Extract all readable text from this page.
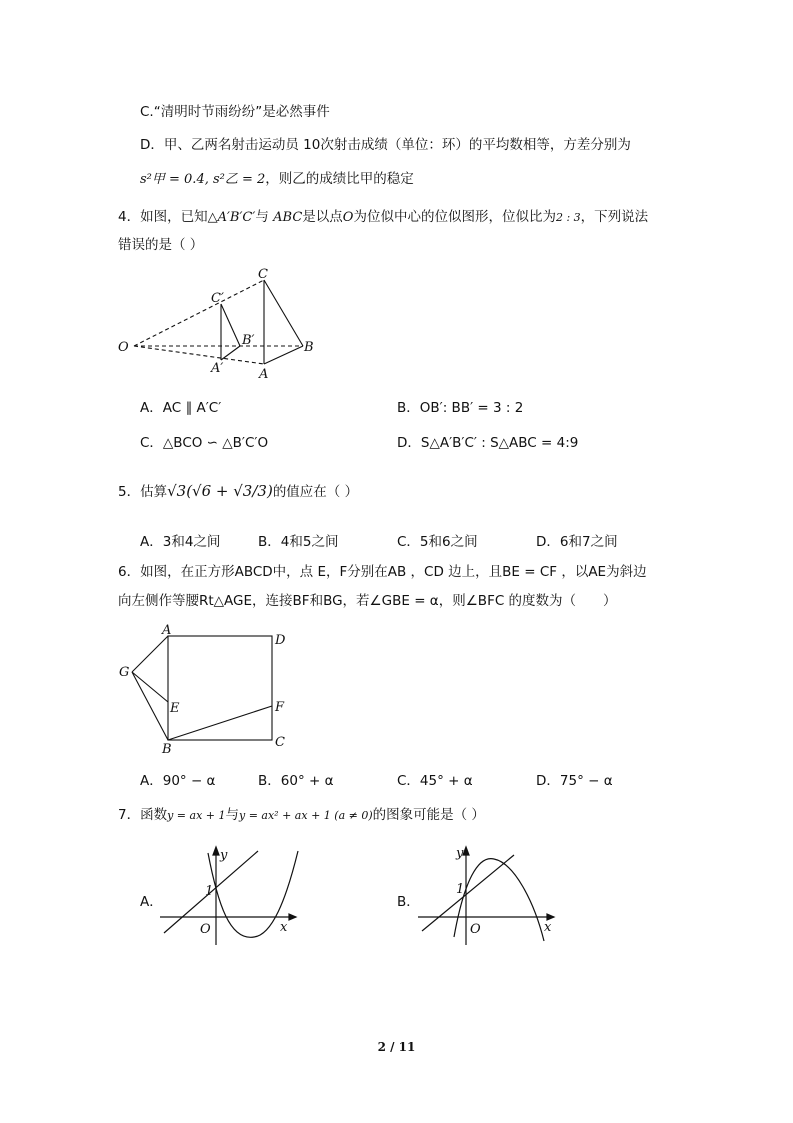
C.“清明时节雨纷纷”是必然事件
D．甲、乙两名射击运动员 10次射击成绩（单位：环）的平均数相等，方差分别为
s²甲 = 0.4, s²乙 = 2，则乙的成绩比甲的稳定
4．如图，已知△A′B′C′与 ABC是以点O为位似中心的位似图形，位似比为2 : 3，下列说法
错误的是（ ）
O
C
B
A
C′
B′
A′
A．AC ∥ A′C′	B．OB′: BB′ = 3 : 2
C．△BCO ∽ △B′C′O	D．S△A′B′C′ : S△ABC = 4:9
5．估算√3(√6 + √3/3)的值应在（ ）
A．3和4之间	B．4和5之间	C．5和6之间	D．6和7之间
6．如图，在正方形ABCD中，点 E，F分别在AB ，CD 边上，且BE = CF ，以AE为斜边
向左侧作等腰Rt△AGE，连接BF和BG，若∠GBE = α，则∠BFC 的度数为（　　）
A
D
G
E	F
B	C
A．90° − α	B．60° + α	C．45° + α	D．75° − α
7．函数y = ax + 1与y = ax² + ax + 1 (a ≠ 0)的图象可能是（ ）
A．
y
x
O
1
B．
y
x
O
1
2 / 11
